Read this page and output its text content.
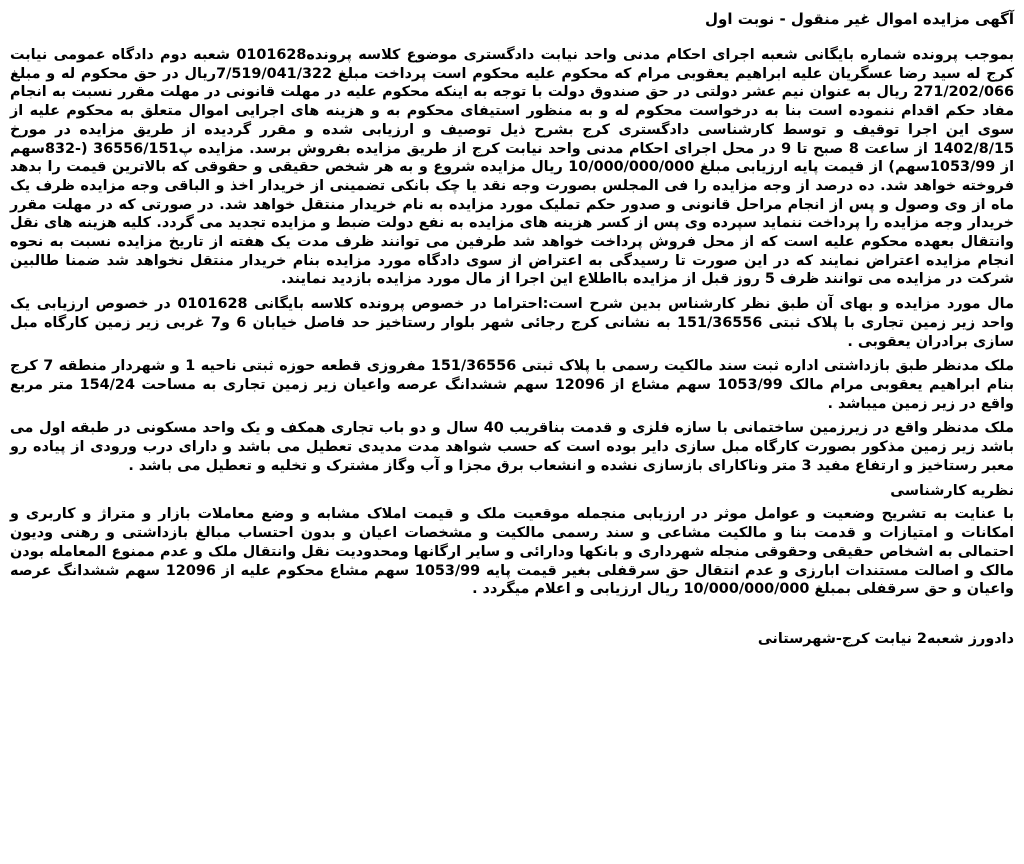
آگهی مزایده اموال غیر منقول - نوبت اول
بموجب پرونده شماره بایگانی شعبه اجرای احکام مدنی واحد نیابت دادگستری موضوع کلاسه پرونده0101628 شعبه دوم دادگاه عمومی نیابت کرج له سید رضا عسگریان علیه ابراهیم یعقوبی مرام که محکوم علیه محکوم است پرداخت مبلغ 7/519/041/322ریال در حق محکوم له و مبلغ 271/202/066 ریال به عنوان نیم عشر دولتی در حق صندوق دولت با توجه به اینکه محکوم علیه در مهلت قانونی در مهلت مقرر نسبت به انجام مفاد حکم اقدام ننموده است بنا به درخواست محکوم له و به منظور استیفای محکوم به و هزینه های اجرایی اموال متعلق به محکوم علیه از سوی این اجرا توقیف و توسط کارشناسی دادگستری کرج بشرح ذیل توصیف و ارزیابی شده و مقرر گردیده از طریق مزایده در مورخ 1402/8/15 از ساعت 8 صبح تا 9 در محل اجرای احکام مدنی واحد نیابت کرج از طریق مزایده بفروش برسد. مزایده پ36556/151 (-832سهم از 1053/99سهم) از قیمت پایه ارزیابی مبلغ 10/000/000/000 ریال مزایده شروع و به هر شخص حقیقی و حقوقی که بالاترین قیمت را بدهد فروخته خواهد شد. ده درصد از وجه مزایده را فی المجلس بصورت وجه نقد یا چک بانکی تضمینی از خریدار اخذ و الباقی وجه مزایده ظرف یک ماه از وی وصول و پس از انجام مراحل قانونی و صدور حکم تملیک مورد مزایده به نام خریدار منتقل خواهد شد. در صورتی که در مهلت مقرر خریدار وجه مزایده را پرداخت ننماید سپرده وی پس از کسر هزینه های مزایده به نفع دولت ضبط و مزایده تجدید می گردد. کلیه هزینه های نقل وانتقال بعهده محکوم علیه است که از محل فروش پرداخت خواهد شد طرفین می توانند ظرف مدت یک هفته از تاریخ مزایده نسبت به نحوه انجام مزایده اعتراض نمایند که در این صورت تا رسیدگی به اعتراض از سوی دادگاه مورد مزایده بنام خریدار منتقل نخواهد شد ضمنا طالبین شرکت در مزایده می توانند ظرف 5 روز قبل از مزایده بااطلاع این اجرا از مال مورد مزایده بازدید نمایند.
مال مورد مزایده و بهای آن طبق نظر کارشناس بدین شرح است:احتراما در خصوص پرونده کلاسه بایگانی 0101628 در خصوص ارزیابی یک واحد زیر زمین تجاری با پلاک ثبتی 151/36556 به نشانی کرج رجائی شهر بلوار رستاخیز حد فاصل خیابان 6 و7 غربی زیر زمین کارگاه مبل سازی برادران یعقوبی .
ملک مدنظر طبق بازداشتی اداره ثبت سند مالکیت رسمی با پلاک ثبتی 151/36556 مفروزی قطعه حوزه ثبتی ناحیه 1 و شهردار منطقه 7 کرج بنام ابراهیم یعقوبی مرام مالک 1053/99 سهم مشاع از 12096 سهم ششدانگ عرصه واعیان زیر زمین تجاری به مساحت 154/24 متر مربع واقع در زیر زمین میباشد .
ملک مدنظر واقع در زیرزمین ساختمانی با سازه فلزی و قدمت بناقریب 40 سال و دو باب تجاری همکف و یک واحد مسکونی در طبقه اول می باشد زیر زمین مذکور بصورت کارگاه مبل سازی دایر بوده است که حسب شواهد مدت مدیدی تعطیل می باشد و دارای درب ورودی از پیاده رو معبر رستاخیز و ارتفاع مفید 3 متر وناکارای بازسازی نشده و انشعاب برق مجزا و آب وگاز مشترک و تخلیه و تعطیل می باشد .
نظریه کارشناسی
با عنایت به تشریح وضعیت و عوامل موثر در ارزیابی منجمله موقعیت ملک و قیمت املاک مشابه و وضع معاملات بازار و متراژ و کاربری و امکانات و امتیازات و قدمت بنا و مالکیت مشاعی و سند رسمی مالکیت و مشخصات اعیان و بدون احتساب مبالغ بازداشتی و رهنی ودیون احتمالی به اشخاص حقیقی وحقوقی منجله شهرداری و بانکها ودارائی و سایر ارگانها ومحدودیت نقل وانتقال ملک و عدم ممنوع المعامله بودن مالک و اصالت مستندات ابارزی و عدم انتقال حق سرقفلی بغیر قیمت پایه 1053/99 سهم مشاع محکوم علیه از 12096 سهم ششدانگ عرصه واعیان و حق سرقفلی بمبلغ 10/000/000/000 ریال ارزیابی و اعلام میگردد .
دادورز شعبه2 نیابت کرج-شهرستانی
